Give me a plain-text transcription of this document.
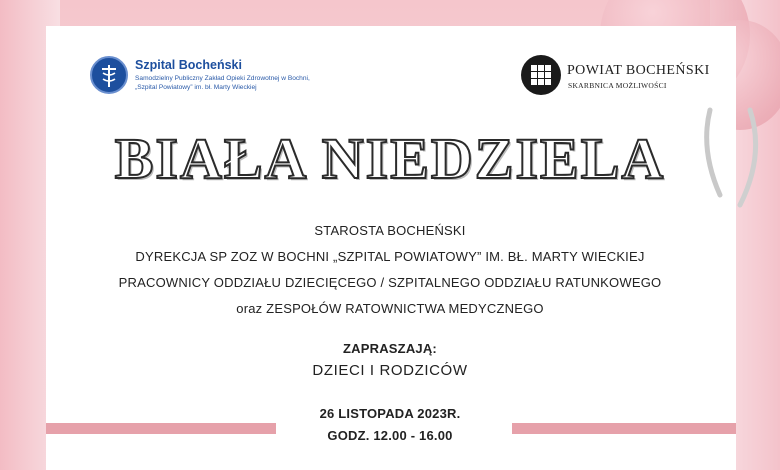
Szpital Bocheński
Samodzielny Publiczny Zakład Opieki Zdrowotnej w Bochni,
„Szpital Powiatowy” im. bł. Marty Wieckiej
POWIAT BOCHEŃSKI
SKARBNICA MOŻLIWOŚCI
BIAŁA NIEDZIELA
STAROSTA BOCHEŃSKI
DYREKCJA SP ZOZ W BOCHNI „SZPITAL POWIATOWY” IM. BŁ. MARTY WIECKIEJ
PRACOWNICY ODDZIAŁU DZIECIĘCEGO / SZPITALNEGO ODDZIAŁU RATUNKOWEGO
oraz ZESPOŁÓW RATOWNICTWA MEDYCZNEGO
ZAPRASZAJĄ:
DZIECI I RODZICÓW
26 LISTOPADA 2023R.
GODZ. 12.00 - 16.00
